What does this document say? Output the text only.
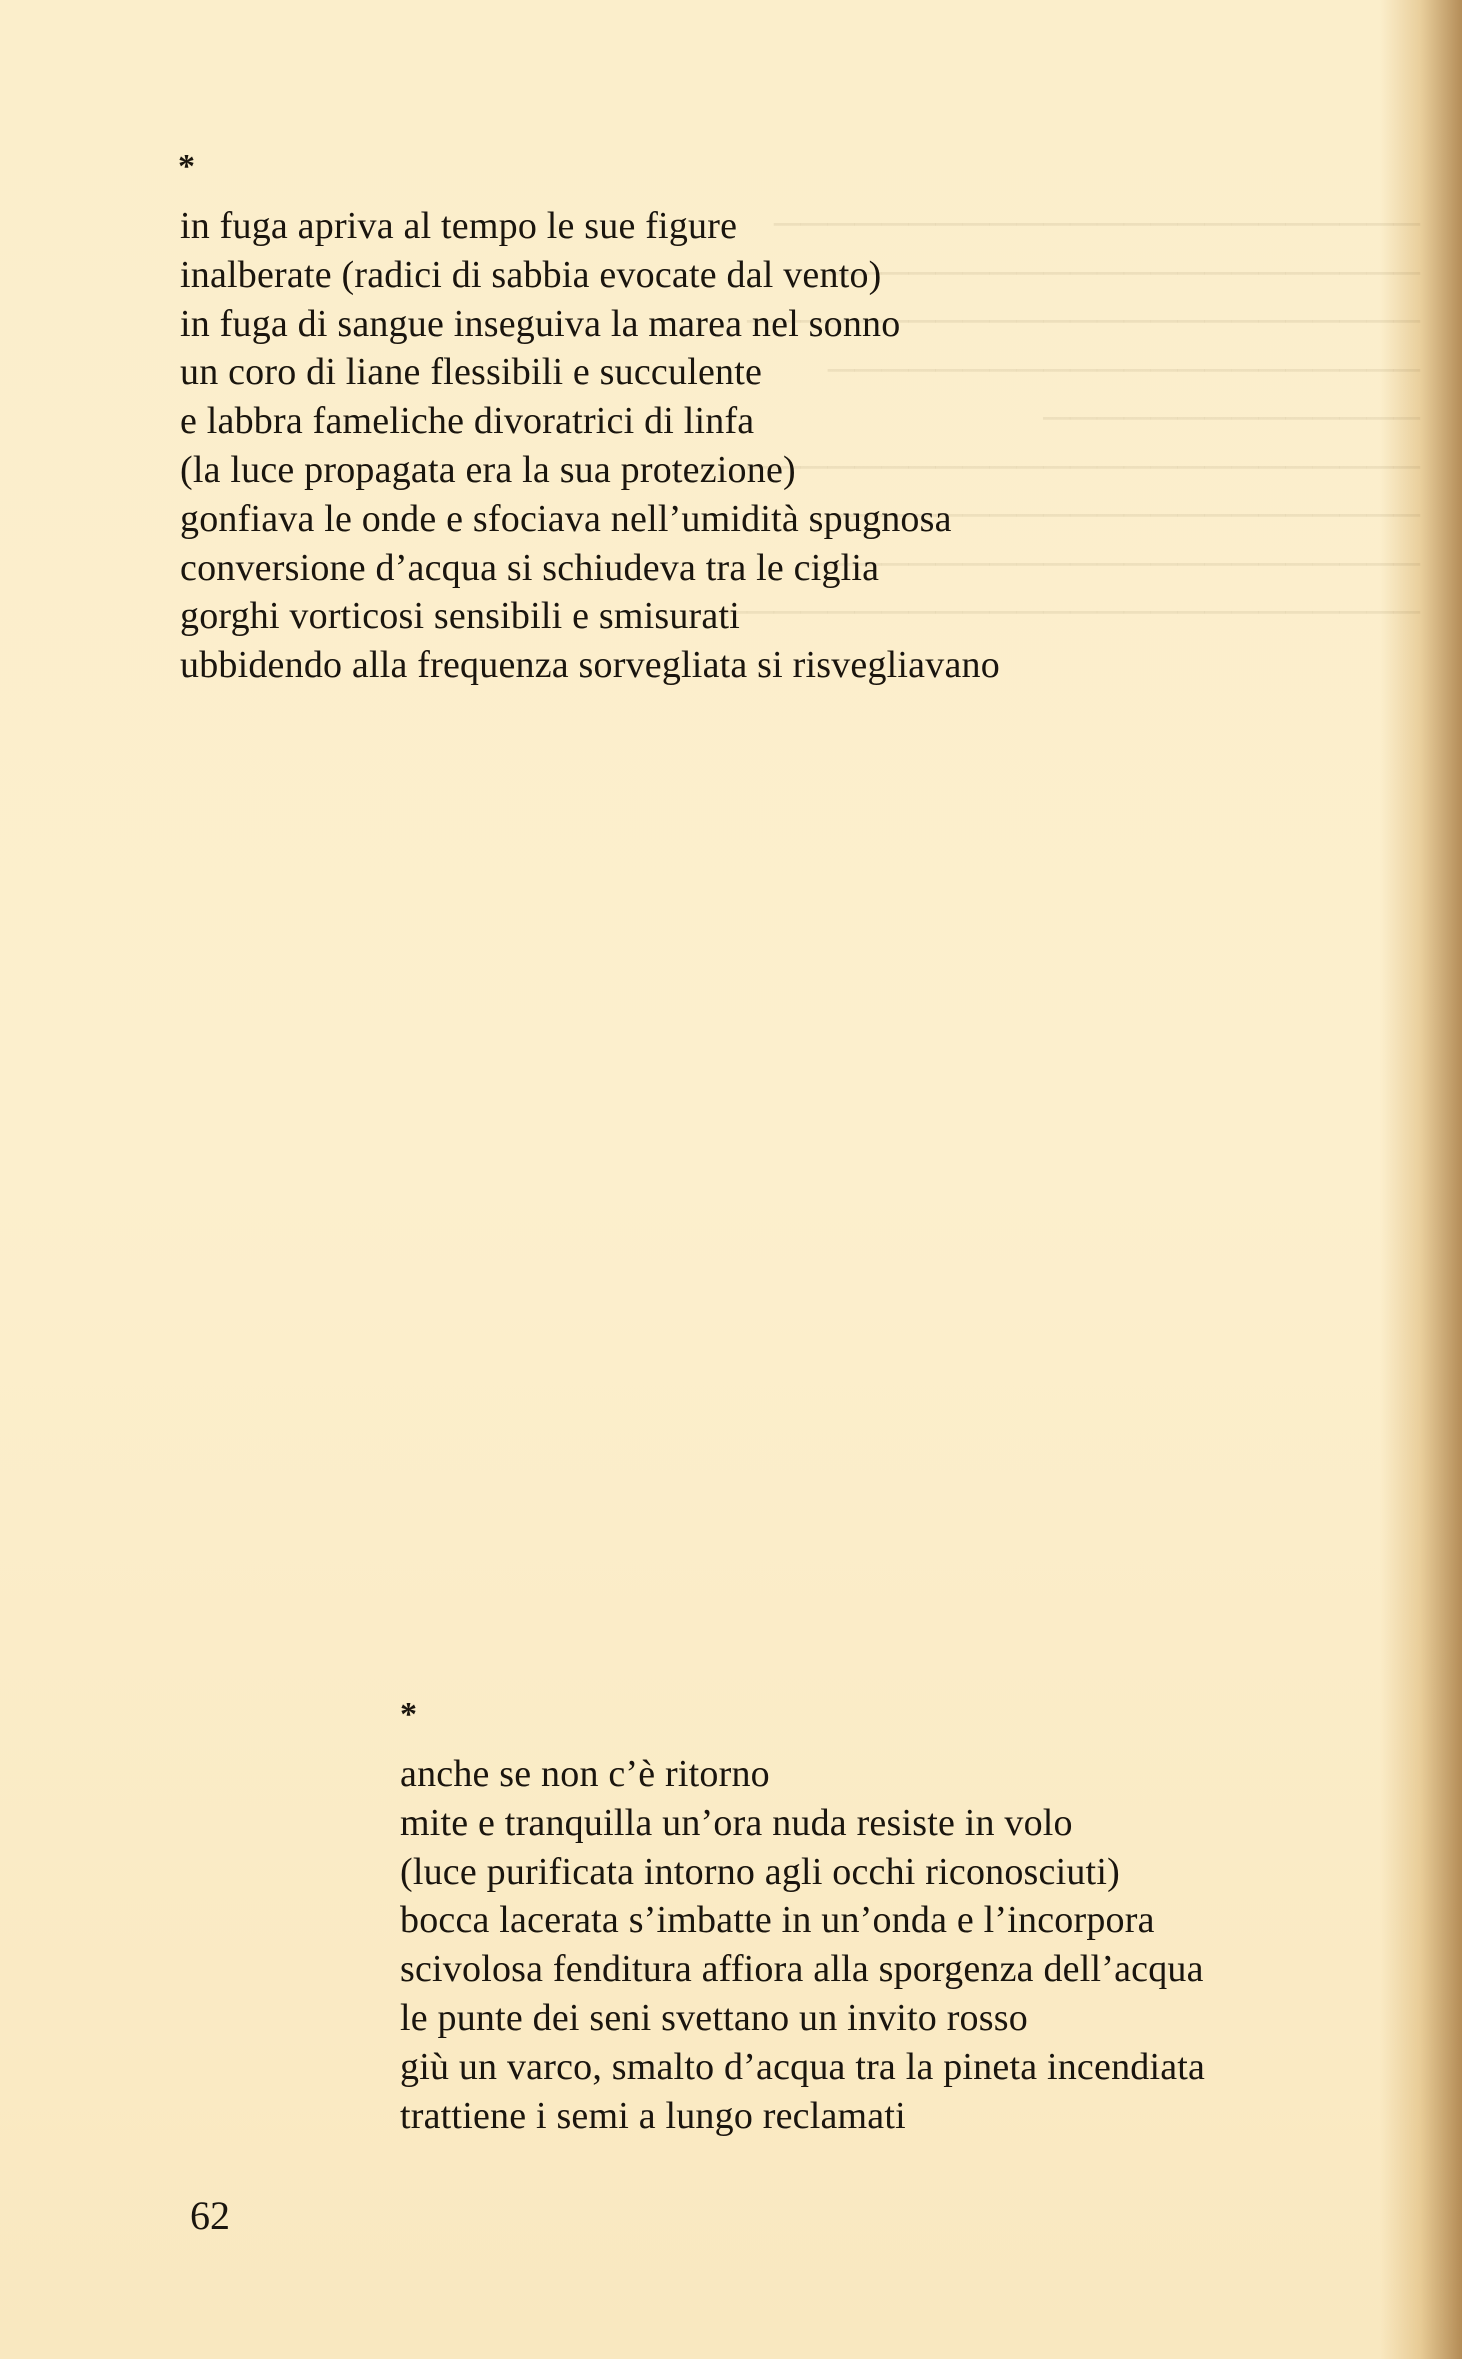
────────────────────────
──────────────────────
─────────────────────────
──────────────────────
──────────────
─────────────────────────
──────────────────────
───────────────────────
──────────────────────────
*
in fuga apriva al tempo le sue figure
inalberate (radici di sabbia evocate dal vento)
in fuga di sangue inseguiva la marea nel sonno
un coro di liane flessibili e succulente
e labbra fameliche divoratrici di linfa
(la luce propagata era la sua protezione)
gonfiava le onde e sfociava nell’umidità spugnosa
conversione d’acqua si schiudeva tra le ciglia
gorghi vorticosi sensibili e smisurati
ubbidendo alla frequenza sorvegliata si risvegliavano
*
anche se non c’è ritorno
mite e tranquilla un’ora nuda resiste in volo
(luce purificata intorno agli occhi riconosciuti)
bocca lacerata s’imbatte in un’onda e l’incorpora
scivolosa fenditura affiora alla sporgenza dell’acqua
le punte dei seni svettano un invito rosso
giù un varco, smalto d’acqua tra la pineta incendiata
trattiene i semi a lungo reclamati
62
